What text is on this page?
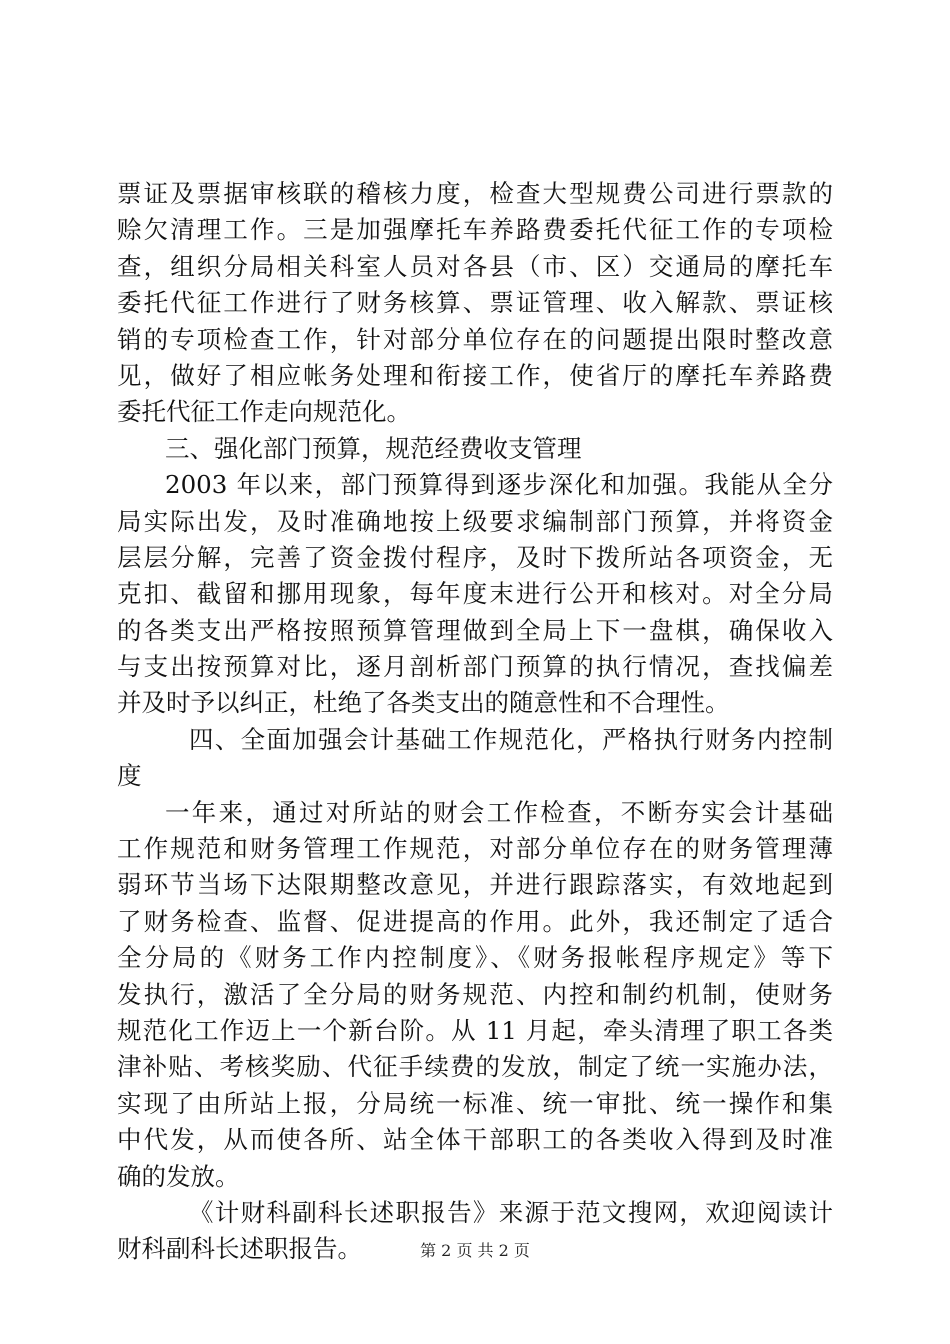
票证及票据审核联的稽核力度，检查大型规费公司进行票款的
赊欠清理工作。三是加强摩托车养路费委托代征工作的专项检
查，组织分局相关科室人员对各县（市、区）交通局的摩托车
委托代征工作进行了财务核算、票证管理、收入解款、票证核
销的专项检查工作，针对部分单位存在的问题提出限时整改意
见，做好了相应帐务处理和衔接工作，使省厅的摩托车养路费
委托代征工作走向规范化。
三、强化部门预算，规范经费收支管理
2003 年以来，部门预算得到逐步深化和加强。我能从全分
局实际出发，及时准确地按上级要求编制部门预算，并将资金
层层分解，完善了资金拨付程序，及时下拨所站各项资金，无
克扣、截留和挪用现象，每年度末进行公开和核对。对全分局
的各类支出严格按照预算管理做到全局上下一盘棋，确保收入
与支出按预算对比，逐月剖析部门预算的执行情况，查找偏差
并及时予以纠正，杜绝了各类支出的随意性和不合理性。
四、全面加强会计基础工作规范化，严格执行财务内控制
度
一年来，通过对所站的财会工作检查，不断夯实会计基础
工作规范和财务管理工作规范，对部分单位存在的财务管理薄
弱环节当场下达限期整改意见，并进行跟踪落实，有效地起到
了财务检查、监督、促进提高的作用。此外，我还制定了适合
全分局的《财务工作内控制度》、《财务报帐程序规定》等下
发执行，激活了全分局的财务规范、内控和制约机制，使财务
规范化工作迈上一个新台阶。从 11 月起，牵头清理了职工各类
津补贴、考核奖励、代征手续费的发放，制定了统一实施办法，
实现了由所站上报，分局统一标准、统一审批、统一操作和集
中代发，从而使各所、站全体干部职工的各类收入得到及时准
确的发放。
《计财科副科长述职报告》来源于范文搜网，欢迎阅读计
财科副科长述职报告。	第 2 页 共 2 页
